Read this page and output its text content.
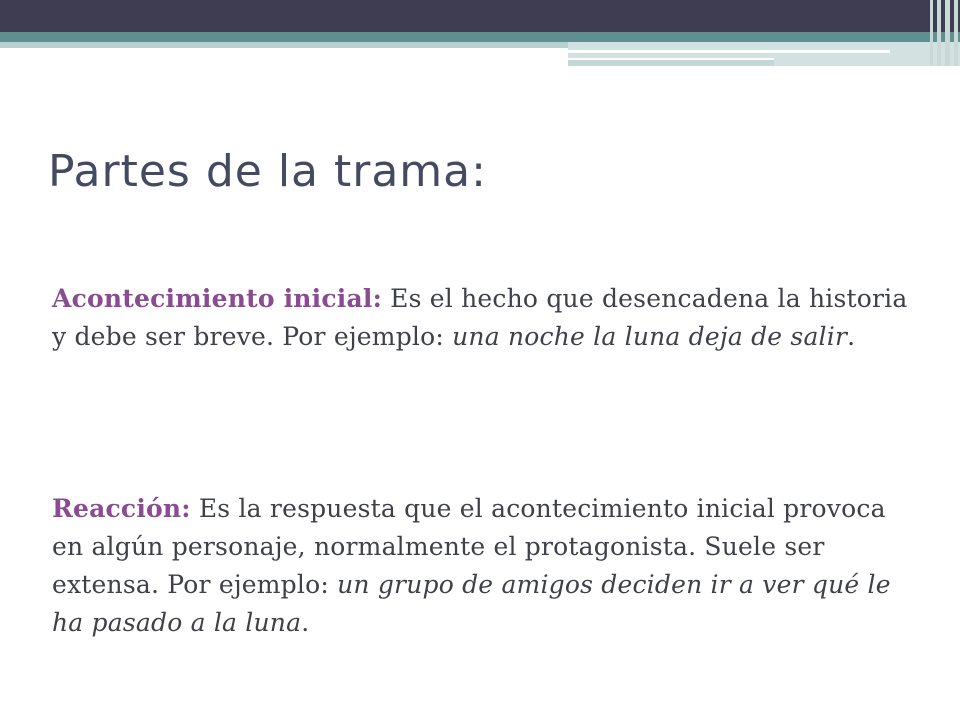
Partes de la trama:
Acontecimiento inicial: Es el hecho que desencadena la historia y debe ser breve. Por ejemplo: una noche la luna deja de salir.
Reacción: Es la respuesta que el acontecimiento inicial provoca en algún personaje, normalmente el protagonista. Suele ser extensa. Por ejemplo: un grupo de amigos deciden ir a ver qué le ha pasado a la luna.
